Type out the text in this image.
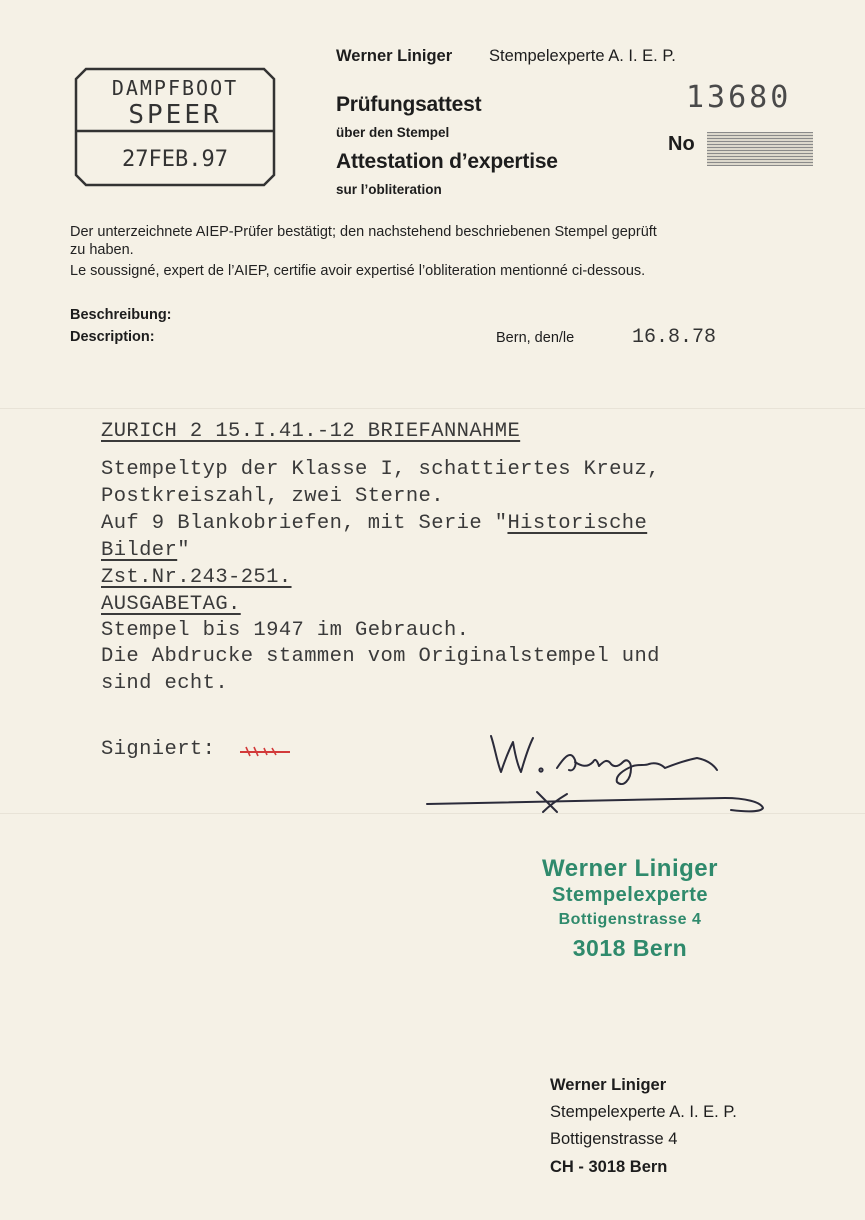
DAMPFBOOT
SPEER
27FEB.97
Werner Liniger Stempelexperte A. I. E. P.
Prüfungsattest
über den Stempel
Attestation d’expertise
sur l’obliteration
13680
No
Der unterzeichnete AIEP-Prüfer bestätigt; den nachstehend beschriebenen Stempel geprüft
zu haben.
Le soussigné, expert de l’AIEP, certifie avoir expertisé l’obliteration mentionné ci-dessous.
Beschreibung:
Description:	Bern, den/le	16.8.78
ZURICH 2 15.I.41.-12 BRIEFANNAHME
Stempeltyp der Klasse I, schattiertes Kreuz,
Postkreiszahl, zwei Sterne.
Auf 9 Blankobriefen, mit Serie "Historische
Bilder"
Zst.Nr.243-251.
AUSGABETAG.
Stempel bis 1947 im Gebrauch.
Die Abdrucke stammen vom Originalstempel und
sind echt.
Signiert:
Werner Liniger
Stempelexperte
Bottigenstrasse 4
3018 Bern
Werner Liniger
Stempelexperte A. I. E. P.
Bottigenstrasse 4
CH - 3018 Bern
